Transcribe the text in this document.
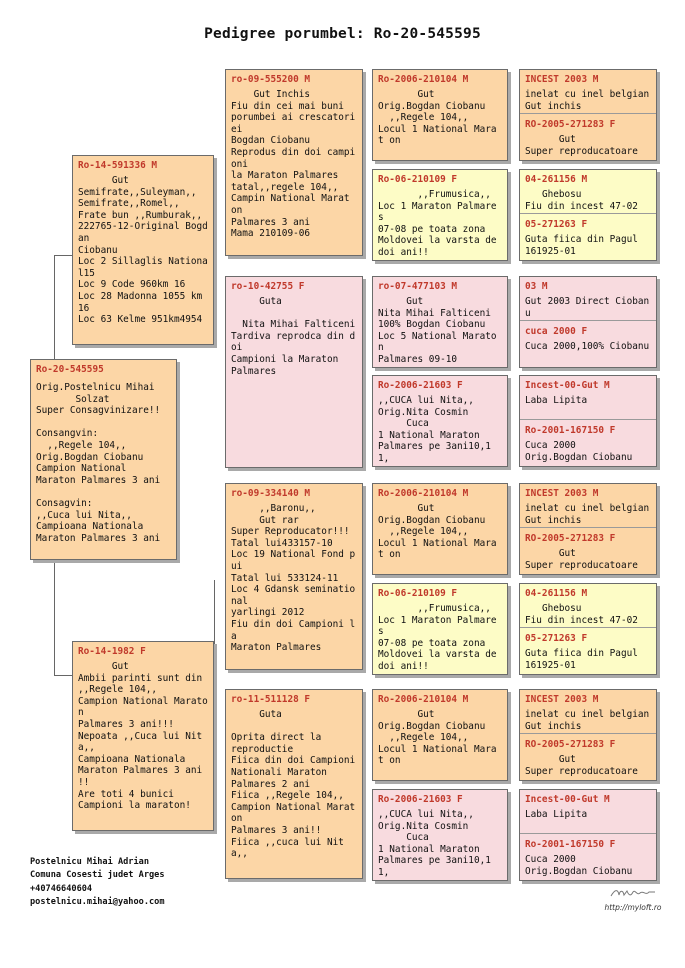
Pedigree porumbel: Ro-20-545595
Ro-20-545595
Orig.Postelnicu Mihai
Solzat
Super Consagvinizare!!

Consangvin:
,,Regele 104,,
Orig.Bogdan Ciobanu
Campion National
Maraton Palmares 3 ani

Consagvin:
,,Cuca lui Nita,,
Campioana Nationala
Maraton Palmares 3 ani
Ro-14-591336 M
Gut
Semifrate,,Suleyman,,
Semifrate,,Romel,,
Frate bun ,,Rumburak,,
222765-12-Original Bogdan
Ciobanu
Loc 2 Sillaglis National15
Loc 9 Code 960km 16
Loc 28 Madonna 1055 km 16
Loc 63 Kelme 951km4954
Ro-14-1982 F
Gut
Ambii parinti sunt din
,,Regele 104,,
Campion National Maraton
Palmares 3 ani!!!
Nepoata ,,Cuca lui Nita,,
Campioana Nationala
Maraton Palmares 3 ani
!!
Are toti 4 bunici
Campioni la maraton!
ro-09-555200 M
Gut Inchis
Fiu din cei mai buni
porumbei ai crescatori ei
Bogdan Ciobanu
Reprodus din doi campi oni
la Maraton Palmares
tatal,,regele 104,,
Campin National Marat on
Palmares 3 ani
Mama 210109-06
ro-10-42755 F
Guta

Nita Mihai Falticeni
Tardiva reprodca din d oi
Campioni la Maraton
Palmares
ro-09-334140 M
,,Baronu,,
Gut rar
Super Reproducator!!!
Tatal lui433157-10
Loc 19 National Fond p ui
Tatal lui 533124-11
Loc 4 Gdansk seminatio nal
yarlingi 2012
Fiu din doi Campioni l a
Maraton Palmares
ro-11-511128 F
Guta

Oprita direct la
reproductie
Fiica din doi Campioni
Nationali Maraton
Palmares 2 ani
Fiica ,,Regele 104,,
Campion National Marat on
Palmares 3 ani!!
Fiica ,,cuca lui Nita,,
Ro-2006-210104 M
Gut
Orig.Bogdan Ciobanu
,,Regele 104,,
Locul 1 National Marat on
Ro-06-210109 F
,,Frumusica,,
Loc 1 Maraton Palmares
07-08 pe toata zona
Moldovei la varsta de
doi ani!!
ro-07-477103 M
Gut
Nita Mihai Falticeni
100% Bogdan Ciobanu
Loc 5 National Maraton
Palmares 09-10
Ro-2006-21603 F
,,CUCA lui Nita,,
Orig.Nita Cosmin
Cuca
1 National Maraton
Palmares pe 3ani10,11,
Ro-2006-210104 M
Gut
Orig.Bogdan Ciobanu
,,Regele 104,,
Locul 1 National Marat on
Ro-06-210109 F
,,Frumusica,,
Loc 1 Maraton Palmares
07-08 pe toata zona
Moldovei la varsta de
doi ani!!
Ro-2006-210104 M
Gut
Orig.Bogdan Ciobanu
,,Regele 104,,
Locul 1 National Marat on
Ro-2006-21603 F
,,CUCA lui Nita,,
Orig.Nita Cosmin
Cuca
1 National Maraton
Palmares pe 3ani10,11,
INCEST 2003 M
inelat cu inel belgian
Gut inchis
RO-2005-271283 F
Gut
Super reproducatoare
04-261156 M
Ghebosu
Fiu din incest 47-02
05-271263 F
Guta fiica din Pagul
161925-01
03 M
Gut 2003 Direct Ciobanu
cuca 2000 F
Cuca 2000,100% Ciobanu
Incest-00-Gut M
Laba Lipita
Ro-2001-167150 F
Cuca 2000
Orig.Bogdan Ciobanu
INCEST 2003 M
inelat cu inel belgian
Gut inchis
RO-2005-271283 F
Gut
Super reproducatoare
04-261156 M
Ghebosu
Fiu din incest 47-02
05-271263 F
Guta fiica din Pagul
161925-01
INCEST 2003 M
inelat cu inel belgian
Gut inchis
RO-2005-271283 F
Gut
Super reproducatoare
Incest-00-Gut M
Laba Lipita
Ro-2001-167150 F
Cuca 2000
Orig.Bogdan Ciobanu
Postelnicu Mihai Adrian
Comuna Cosesti judet Arges
+40746640604
postelnicu.mihai@yahoo.com
http://myloft.ro
